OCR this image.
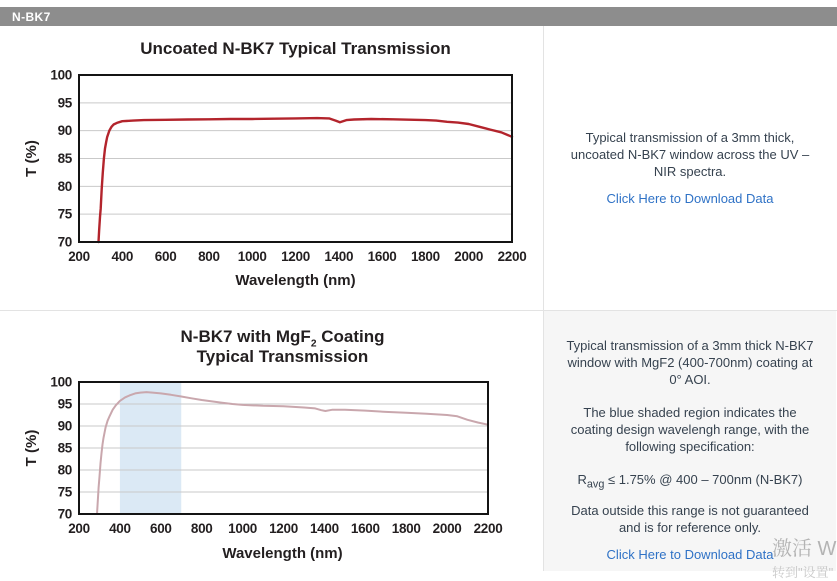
N-BK7
Uncoated N-BK7 Typical Transmission
70
75
80
85
90
95
100
200 400 600 800 1000 1200 1400 1600 1800 2000 2200
T (%)
Wavelength (nm)

Typical transmission of a 3mm thick, uncoated N-BK7 window across the UV – NIR spectra.

Click Here to Download Data
N-BK7 with MgF$_2$ Coating
Typical Transmission
70
75
80
85
90
95
100
200 400 600 800 1000 1200 1400 1600 1800 2000 2200
T (%)
Wavelength (nm)

Typical transmission of a 3mm thick N-BK7 window with MgF2 (400-700nm) coating at 0° AOI.

The blue shaded region indicates the coating design wavelengh range, with the following specification:

$R_{avg} \le 1.75\%$ @ 400 – 700nm (N-BK7)

Data outside this range is not guaranteed and is for reference only.

Click Here to Download Data
激活 W
转到"设置"
